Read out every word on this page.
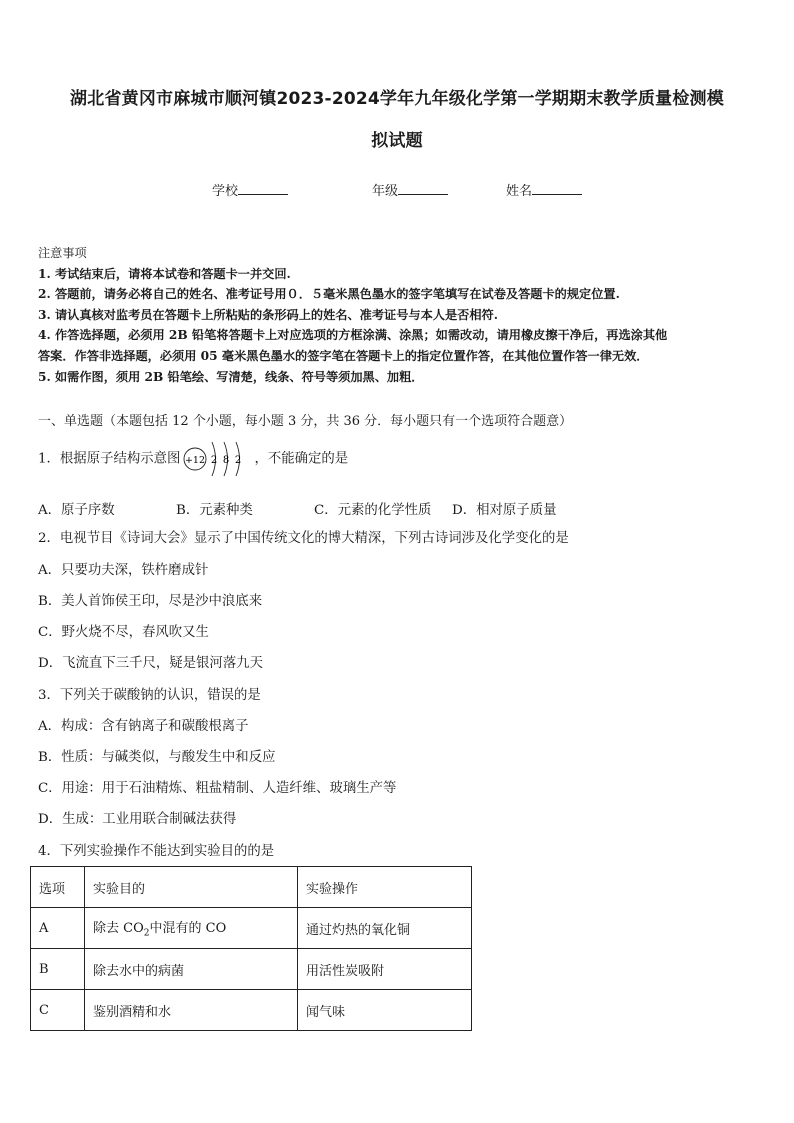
湖北省黄冈市麻城市顺河镇2023-2024学年九年级化学第一学期期末教学质量检测模
拟试题
学校	年级	姓名
注意事项
1. 考试结束后，请将本试卷和答题卡一并交回.
2. 答题前，请务必将自己的姓名、准考证号用０．５毫米黑色墨水的签字笔填写在试卷及答题卡的规定位置.
3. 请认真核对监考员在答题卡上所粘贴的条形码上的姓名、准考证号与本人是否相符.
4. 作答选择题，必须用 2B 铅笔将答题卡上对应选项的方框涂满、涂黑；如需改动，请用橡皮擦干净后，再选涂其他
答案．作答非选择题，必须用 05 毫米黑色墨水的签字笔在答题卡上的指定位置作答，在其他位置作答一律无效．
5. 如需作图，须用 2B 铅笔绘、写清楚，线条、符号等须加黑、加粗．
一、单选题（本题包括 12 个小题，每小题 3 分，共 36 分．每小题只有一个选项符合题意）
1．根据原子结构示意图 +12 2 8 2 ，不能确定的是
A．原子序数	B．元素种类	C．元素的化学性质 D．相对原子质量
2．电视节目《诗词大会》显示了中国传统文化的博大精深，下列古诗词涉及化学变化的是
A．只要功夫深，铁杵磨成针
B．美人首饰侯王印，尽是沙中浪底来
C．野火烧不尽，春风吹又生
D．飞流直下三千尺，疑是银河落九天
3．下列关于碳酸钠的认识，错误的是
A．构成：含有钠离子和碳酸根离子
B．性质：与碱类似，与酸发生中和反应
C．用途：用于石油精炼、粗盐精制、人造纤维、玻璃生产等
D．生成：工业用联合制碱法获得
4．下列实验操作不能达到实验目的的是
选项	实验目的	实验操作
A	除去 $CO_2$中混有的 CO	通过灼热的氧化铜
B	除去水中的病菌	用活性炭吸附
C	鉴别酒精和水	闻气味
